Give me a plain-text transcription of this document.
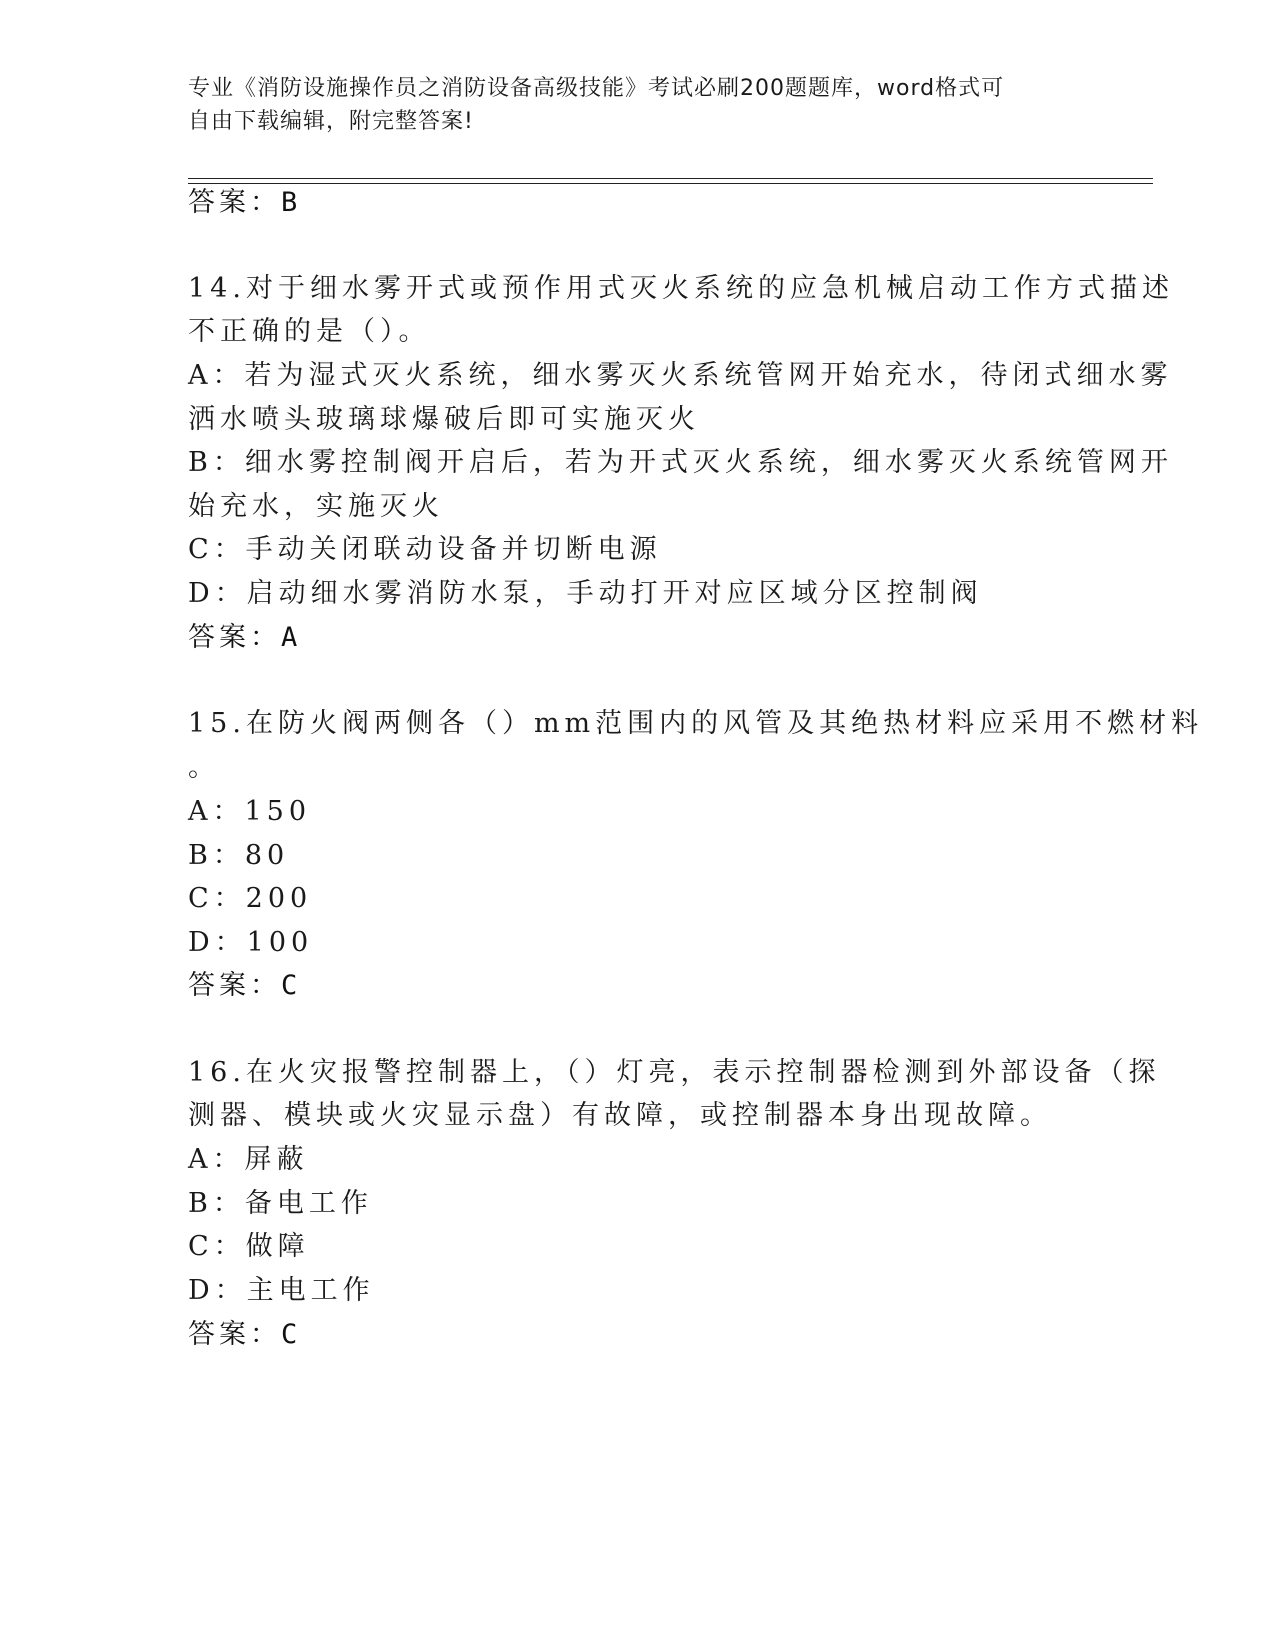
专业《消防设施操作员之消防设备高级技能》考试必刷200题题库，word格式可
自由下载编辑，附完整答案!
答案：B
14.对于细水雾开式或预作用式灭火系统的应急机械启动工作方式描述
不正确的是（）。
A：若为湿式灭火系统，细水雾灭火系统管网开始充水，待闭式细水雾
洒水喷头玻璃球爆破后即可实施灭火
B：细水雾控制阀开启后，若为开式灭火系统，细水雾灭火系统管网开
始充水，实施灭火
C：手动关闭联动设备并切断电源
D：启动细水雾消防水泵，手动打开对应区域分区控制阀
答案：A
15.在防火阀两侧各（）mm范围内的风管及其绝热材料应采用不燃材料
。
A：150
B：80
C：200
D：100
答案：C
16.在火灾报警控制器上，（）灯亮，表示控制器检测到外部设备（探
测器、模块或火灾显示盘）有故障，或控制器本身出现故障。
A：屏蔽
B：备电工作
C：做障
D：主电工作
答案：C
